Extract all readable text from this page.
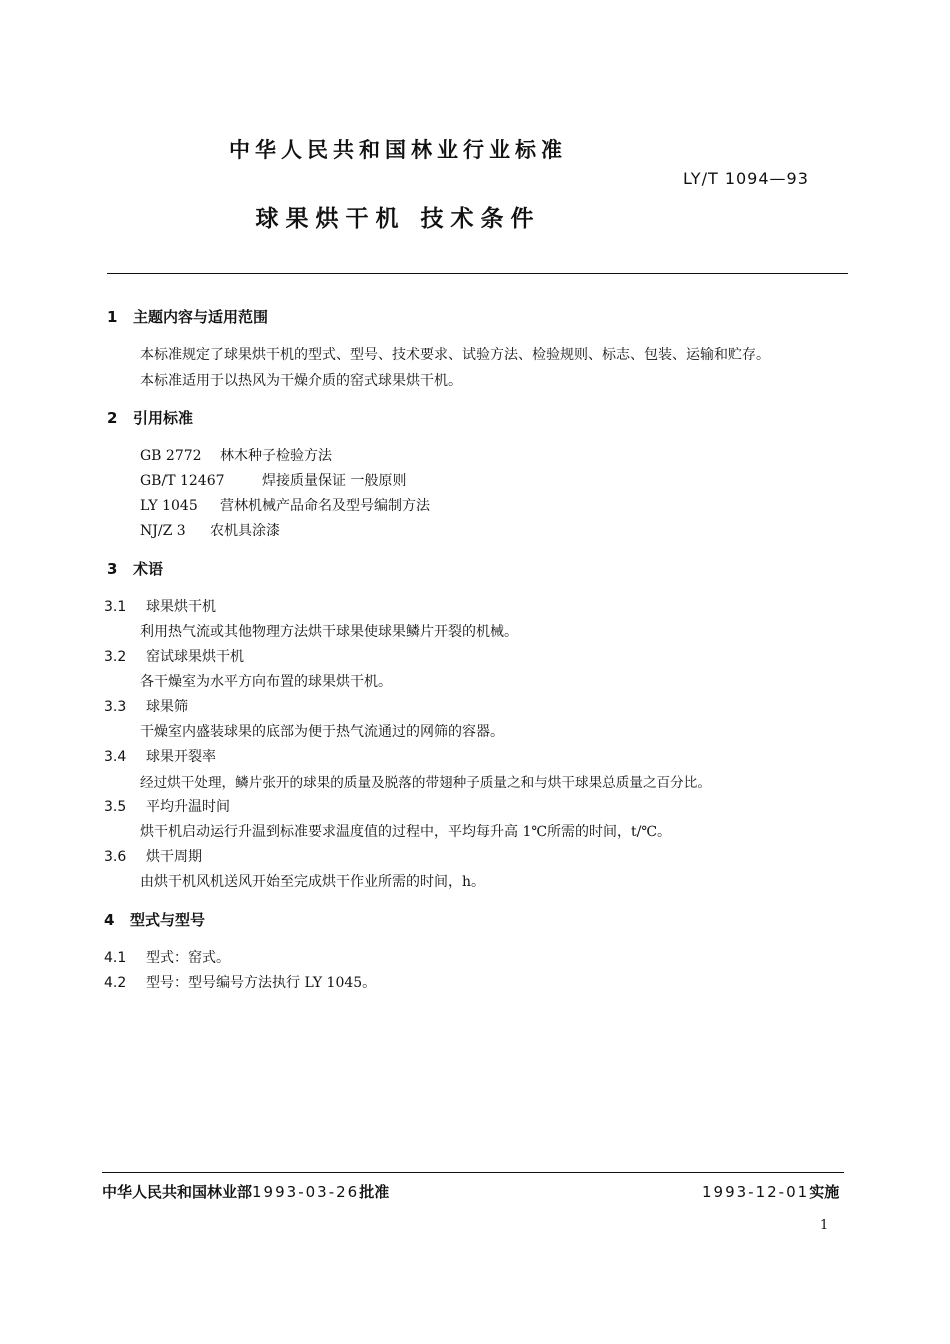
中华人民共和国林业行业标准
LY/T 1094—93
球果烘干机 技术条件
1 主题内容与适用范围
本标准规定了球果烘干机的型式、型号、技术要求、试验方法、检验规则、标志、包装、运输和贮存。
本标准适用于以热风为干燥介质的窑式球果烘干机。
2 引用标准
GB 2772 林木种子检验方法
GB/T 12467	焊接质量保证 一般原则
LY 1045 营林机械产品命名及型号编制方法
NJ/Z 3 农机具涂漆
3 术语
3.1 球果烘干机
利用热气流或其他物理方法烘干球果使球果鳞片开裂的机械。
3.2 窑试球果烘干机
各干燥室为水平方向布置的球果烘干机。
3.3 球果筛
干燥室内盛装球果的底部为便于热气流通过的网筛的容器。
3.4 球果开裂率
经过烘干处理，鳞片张开的球果的质量及脱落的带翅种子质量之和与烘干球果总质量之百分比。
3.5 平均升温时间
烘干机启动运行升温到标准要求温度值的过程中，平均每升高 1℃所需的时间，t/℃。
3.6 烘干周期
由烘干机风机送风开始至完成烘干作业所需的时间，h。
4 型式与型号
4.1 型式：窑式。
4.2 型号：型号编号方法执行 LY 1045。
中华人民共和国林业部1993-03-26批准	1993-12-01实施
1
